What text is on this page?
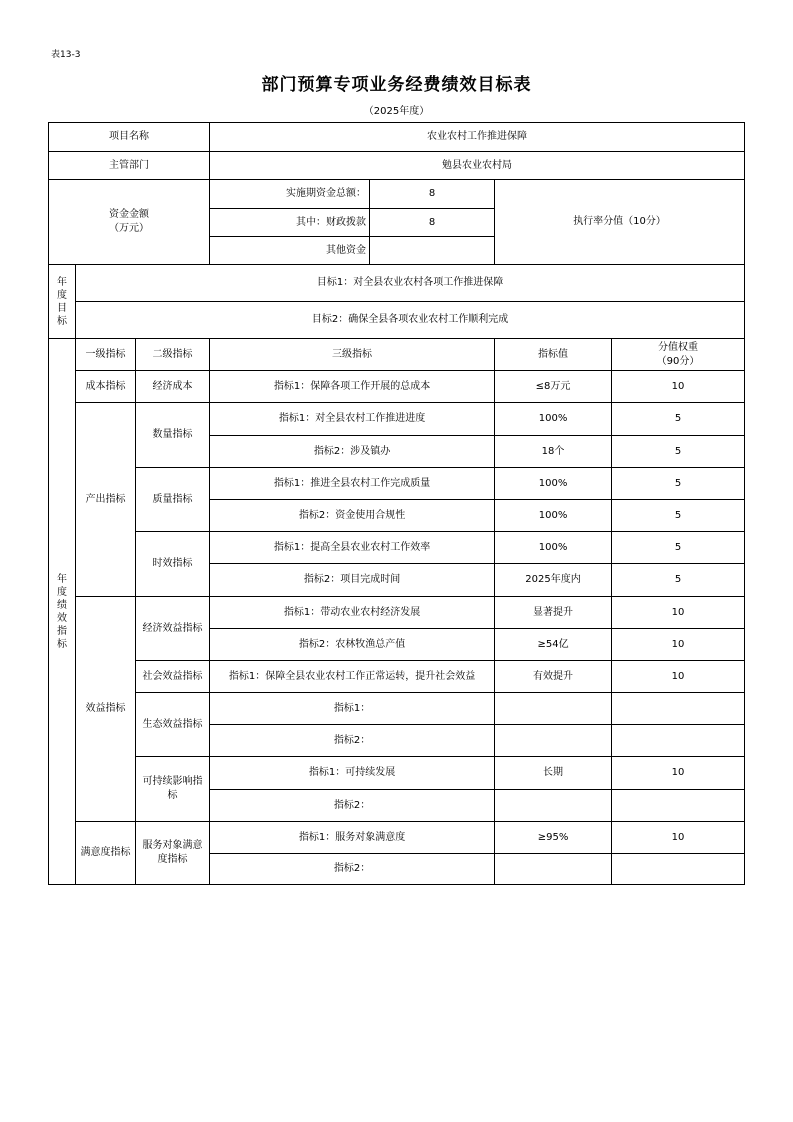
表13-3
部门预算专项业务经费绩效目标表
（2025年度）
项目名称			农业农村工作推进保障			
主管部门			勉县农业农村局			

资金金额
（万元）			实施期资金总额：	8	执行率分值（10分）	
			其中：财政拨款	8		
			其他资金			

年度目标	目标1：对全县农业农村各项工作推进保障					
	目标2：确保全县各项农业农村工作顺利完成					

年度绩效指标	一级指标	二级指标	三级指标		指标值	分值权重
（90分）

	成本指标	经济成本	指标1：保障各项工作开展的总成本		≤8万元	10
	产出指标	数量指标	指标1：对全县农村工作推进进度		100%	5
			指标2：涉及镇办		18个	5
		质量指标	指标1：推进全县农村工作完成质量		100%	5
			指标2：资金使用合规性		100%	5
		时效指标	指标1：提高全县农业农村工作效率		100%	5
			指标2：项目完成时间		2025年度内	5
	效益指标	经济效益指标	指标1：带动农业农村经济发展		显著提升	10
			指标2：农林牧渔总产值		≥54亿	10
		社会效益指标	指标1：保障全县农业农村工作正常运转，提升社会效益		有效提升	10
		生态效益指标	指标1：			
			指标2：			
		可持续影响指标	指标1：可持续发展		长期	10
			指标2：			
	满意度指标	服务对象满意度指标	指标1：服务对象满意度		≥95%	10
			指标2：			
